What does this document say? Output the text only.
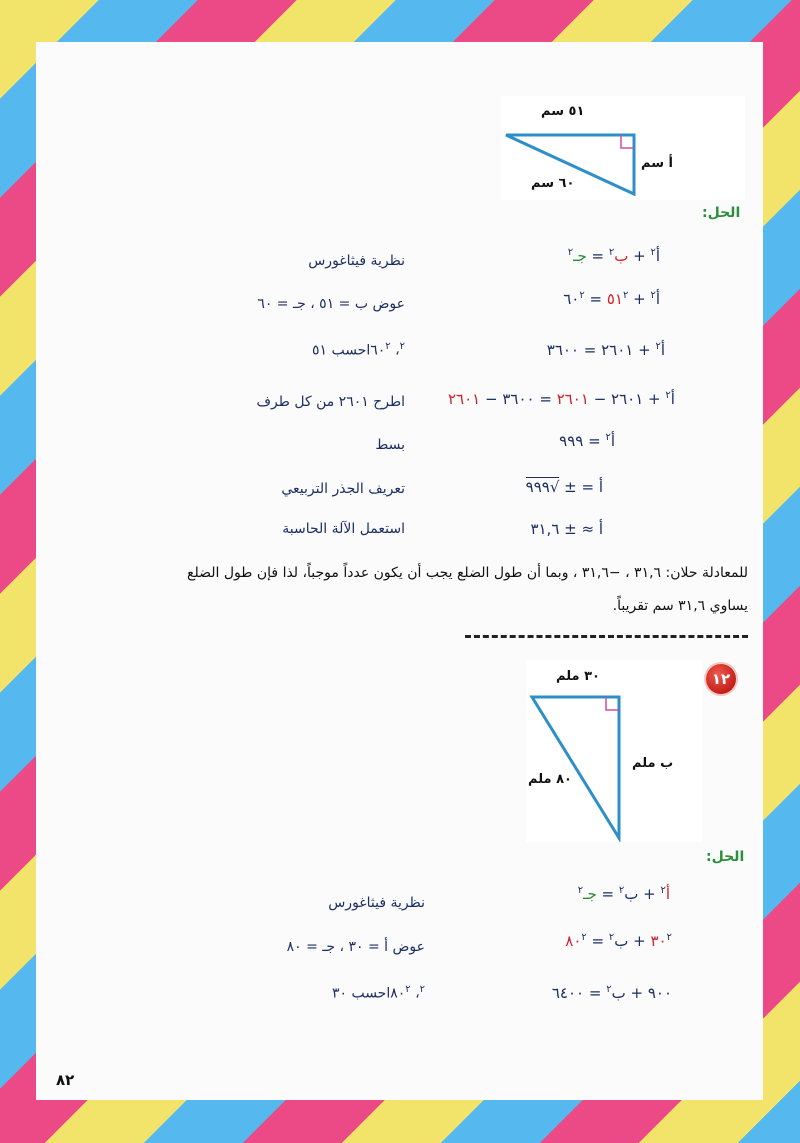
٥١ سم
أ سم
٦٠ سم
الحل:
أ$^٢$ + ب$^٢$ = جـ$^٢$
نظرية فيثاغورس
أ$^٢$ + $٥١^٢$ = $٦٠^٢$
عوض ب = ٥١ ، جـ = ٦٠
أ$^٢$ + ٢٦٠١ = ٣٦٠٠
احسب ٥١	$^٢$، $٦٠^٢$
أ$^٢$ + ٢٦٠١ − ٢٦٠١ = ٣٦٠٠ − ٢٦٠١
اطرح ٢٦٠١ من كل طرف
أ$^٢$ = ٩٩٩
بسط
أ = ± √٩٩٩
تعريف الجذر التربيعي
أ ≈ ± ٣١,٦
استعمل الآلة الحاسبة
للمعادلة حلان: ٣١,٦ ، −٣١,٦ ، وبما أن طول الضلع يجب أن يكون عدداً موجباً، لذا فإن طول الضلع
يساوي ٣١,٦ سم تقريباً.
١٢
٣٠ ملم
ب ملم
٨٠ ملم
الحل:
أ$^٢$ + ب$^٢$ = جـ$^٢$
نظرية فيثاغورس
$٣٠^٢$ + ب$^٢$ = $٨٠^٢$
عوض أ = ٣٠ ، جـ = ٨٠
٩٠٠ + ب$^٢$ = ٦٤٠٠
احسب ٣٠	$^٢$، $٨٠^٢$
٨٢
